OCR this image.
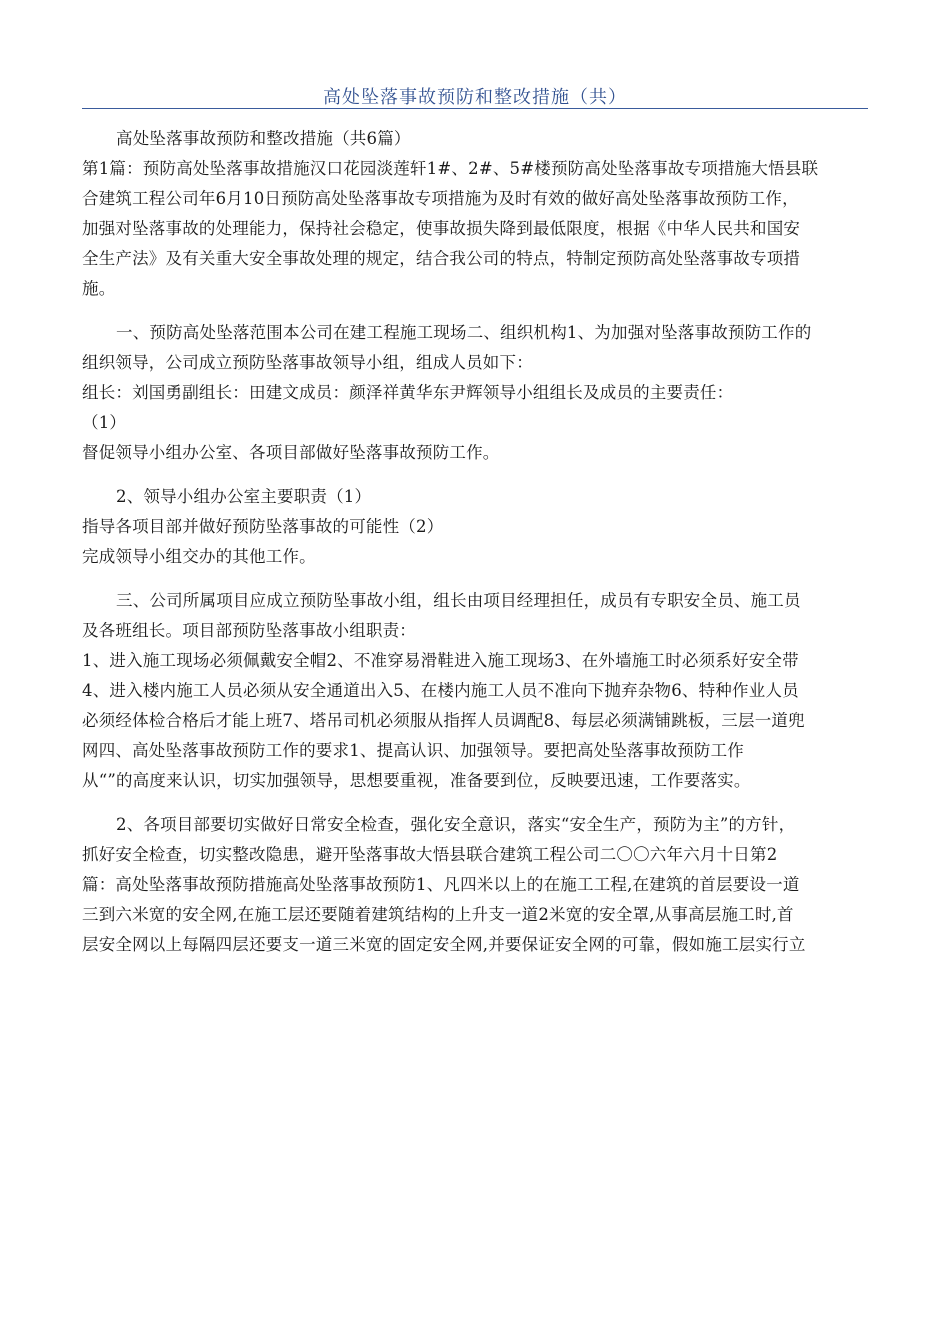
高处坠落事故预防和整改措施（共）
高处坠落事故预防和整改措施（共6篇）
第1篇：预防高处坠落事故措施汉口花园淡莲轩1#、2#、5#楼预防高处坠落事故专项措施大悟县联
合建筑工程公司年6月10日预防高处坠落事故专项措施为及时有效的做好高处坠落事故预防工作，
加强对坠落事故的处理能力，保持社会稳定，使事故损失降到最低限度，根据《中华人民共和国安
全生产法》及有关重大安全事故处理的规定，结合我公司的特点，特制定预防高处坠落事故专项措
施。
一、预防高处坠落范围本公司在建工程施工现场二、组织机构1、为加强对坠落事故预防工作的
组织领导，公司成立预防坠落事故领导小组，组成人员如下：
组长：刘国勇副组长：田建文成员：颜泽祥黄华东尹辉领导小组组长及成员的主要责任：
（1）
督促领导小组办公室、各项目部做好坠落事故预防工作。
2、领导小组办公室主要职责（1）
指导各项目部并做好预防坠落事故的可能性（2）
完成领导小组交办的其他工作。
三、公司所属项目应成立预防坠事故小组，组长由项目经理担任，成员有专职安全员、施工员
及各班组长。项目部预防坠落事故小组职责：
1、进入施工现场必须佩戴安全帽2、不准穿易滑鞋进入施工现场3、在外墙施工时必须系好安全带
4、进入楼内施工人员必须从安全通道出入5、在楼内施工人员不准向下抛弃杂物6、特种作业人员
必须经体检合格后才能上班7、塔吊司机必须服从指挥人员调配8、每层必须满铺跳板，三层一道兜
网四、高处坠落事故预防工作的要求1、提高认识、加强领导。要把高处坠落事故预防工作
从“”的高度来认识，切实加强领导，思想要重视，准备要到位，反映要迅速，工作要落实。
2、各项目部要切实做好日常安全检查，强化安全意识，落实“安全生产，预防为主”的方针，
抓好安全检查，切实整改隐患，避开坠落事故大悟县联合建筑工程公司二〇〇六年六月十日第2
篇：高处坠落事故预防措施高处坠落事故预防1、凡四米以上的在施工工程,在建筑的首层要设一道
三到六米宽的安全网,在施工层还要随着建筑结构的上升支一道2米宽的安全罩,从事高层施工时,首
层安全网以上每隔四层还要支一道三米宽的固定安全网,并要保证安全网的可靠，假如施工层实行立
